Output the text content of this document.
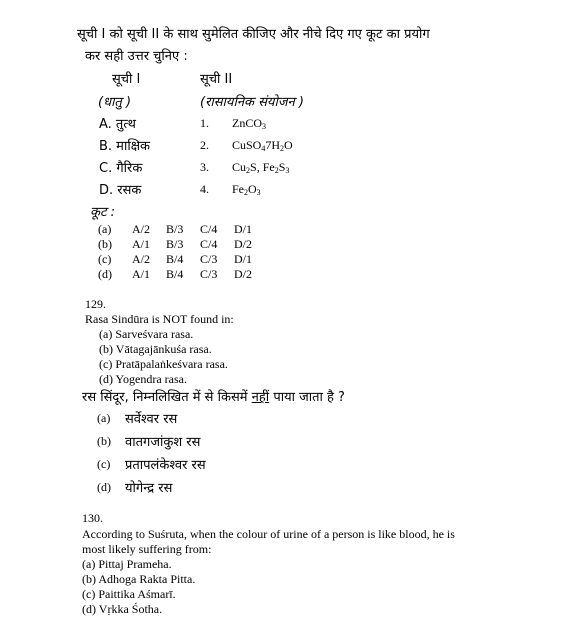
सूची I को सूची II के साथ सुमेलित कीजिए और नीचे दिए गए कूट का प्रयोग
कर सही उत्तर चुनिए :
सूची I	सूची II
(धातु )	(रासायनिक संयोजन )
A. तुत्थ
B. माक्षिक
C. गैरिक
D. रसक
1.
2.
3.
4.
ZnCO$_3$
$CuSO_47H_2O$
$Cu_2S$, $Fe_2S_3$
$Fe_2O_3$
कूट :
(a) A/2 B/3 C/4 D/1
(b) A/1 B/3 C/4 D/2
(c) A/2 B/4 C/3 D/1
(d) A/1 B/4 C/3 D/2
129.
Rasa Sindūra is NOT found in:
(a) Sarveśvara rasa.
(b) Vātagajānkuśa rasa.
(c) Pratāpalaṅkeśvara rasa.
(d) Yogendra rasa.
रस सिंदूर, निम्नलिखित में से किसमें नहीं पाया जाता है ?
(a) सर्वेश्वर रस
(b) वातगजांकुश रस
(c) प्रतापलंकेश्वर रस
(d) योगेन्द्र रस
130.
According to Suśruta, when the colour of urine of a person is like blood, he is
most likely suffering from:
(a) Pittaj Prameha.
(b) Adhoga Rakta Pitta.
(c) Paittika Aśmarī.
(d) Vṛkka Śotha.
